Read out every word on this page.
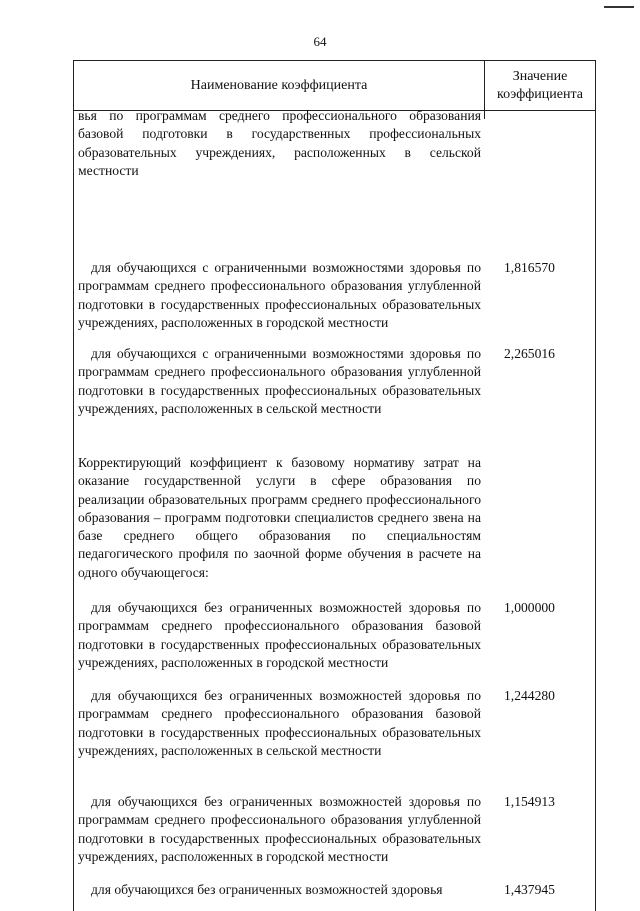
64
Наименование коэффициента
Значение
коэффициента
вья по программам среднего профессионального образования базовой подготовки в государственных профессиональных образовательных учреждениях, расположенных в сельской местности
для обучающихся с ограниченными возможностями здоровья по программам среднего профессионального образования углубленной подготовки в государственных профессиональных образовательных учреждениях, расположенных в городской местности
1,816570
для обучающихся с ограниченными возможностями здоровья по программам среднего профессионального образования углубленной подготовки в государственных профессиональных образовательных учреждениях, расположенных в сельской местности
2,265016
Корректирующий коэффициент к базовому нормативу затрат на оказание государственной услуги в сфере образования по реализации образовательных программ среднего профессионального образования – программ подготовки специалистов среднего звена на базе среднего общего образования по специальностям педагогического профиля по заочной форме обучения в расчете на одного обучающегося:
для обучающихся без ограниченных возможностей здоровья по программам среднего профессионального образования базовой подготовки в государственных профессиональных образовательных учреждениях, расположенных в городской местности
1,000000
для обучающихся без ограниченных возможностей здоровья по программам среднего профессионального образования базовой подготовки в государственных профессиональных образовательных учреждениях, расположенных в сельской местности
1,244280
для обучающихся без ограниченных возможностей здоровья по программам среднего профессионального образования углубленной подготовки в государственных профессиональных образовательных учреждениях, расположенных в городской местности
1,154913
для обучающихся без ограниченных возможностей здоровья	1,437945
